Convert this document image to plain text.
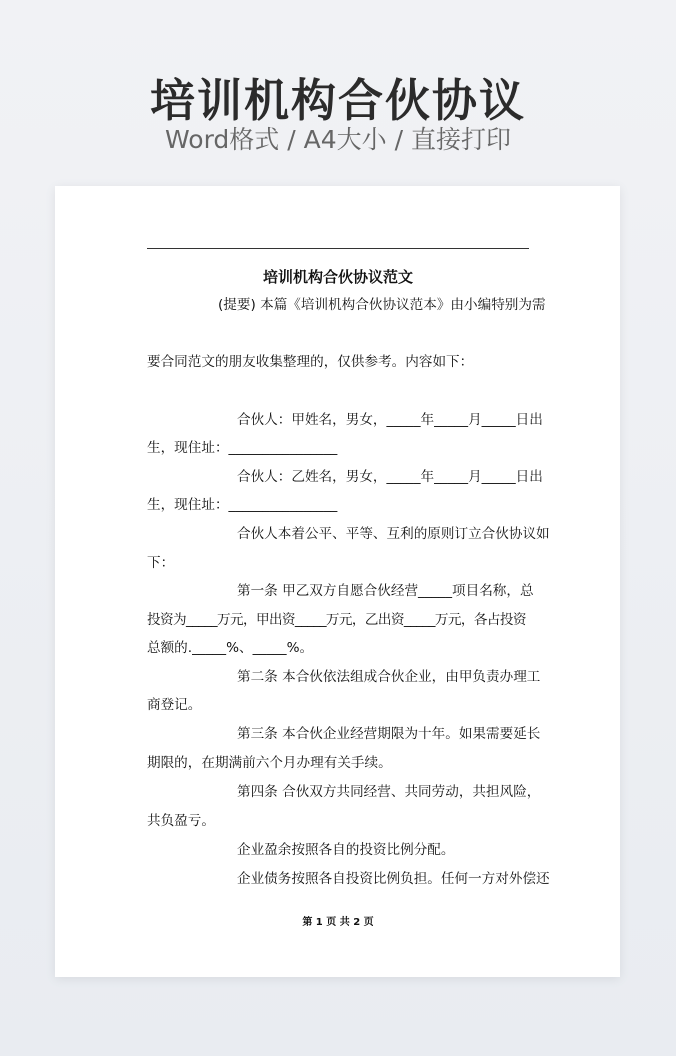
培训机构合伙协议
Word格式 / A4大小 / 直接打印
培训机构合伙协议范文
(提要) 本篇《培训机构合伙协议范本》由小编特别为需
要合同范文的朋友收集整理的，仅供参考。内容如下：
合伙人：甲姓名，男女，_____年_____月_____日出
生，现住址：________________
合伙人：乙姓名，男女，_____年_____月_____日出
生，现住址：________________
合伙人本着公平、平等、互利的原则订立合伙协议如
下：
第一条 甲乙双方自愿合伙经营_____项目名称，总
投资为_____万元，甲出资_____万元，乙出资_____万元，各占投资
总额的._____%、_____%。
第二条 本合伙依法组成合伙企业，由甲负责办理工
商登记。
第三条 本合伙企业经营期限为十年。如果需要延长
期限的，在期满前六个月办理有关手续。
第四条 合伙双方共同经营、共同劳动，共担风险，
共负盈亏。
企业盈余按照各自的投资比例分配。
企业债务按照各自投资比例负担。任何一方对外偿还
第 1 页 共 2 页
